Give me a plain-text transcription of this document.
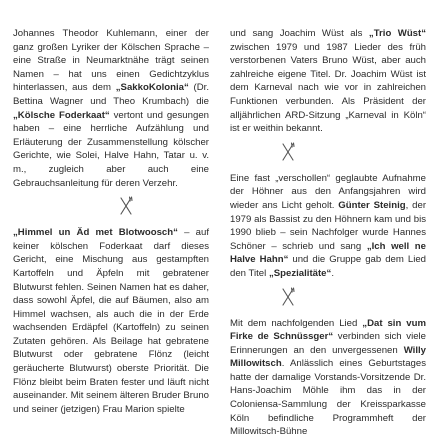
Johannes Theodor Kuhlemann, einer der ganz großen Lyriker der Kölschen Sprache – eine Straße in Neumarktnähe trägt seinen Namen – hat uns einen Gedichtzyklus hinterlassen, aus dem „SakkoKolonia“ (Dr. Bettina Wagner und Theo Krumbach) die „Kölsche Foderkaat“ vertont und gesungen haben – eine herrliche Aufzählung und Erläuterung der Zusammenstellung kölscher Gerichte, wie Solei, Halve Hahn, Tatar u. v. m., zugleich aber auch eine Gebrauchsanleitung für deren Verzehr.

„Himmel un Äd met Blotwoosch“ – auf keiner kölschen Foderkaat darf dieses Gericht, eine Mischung aus gestampften Kartoffeln und Äpfeln mit gebratener Blutwurst fehlen. Seinen Namen hat es daher, dass sowohl Äpfel, die auf Bäumen, also am Himmel wachsen, als auch die in der Erde wachsenden Erdäpfel (Kartoffeln) zu seinen Zutaten gehören. Als Beilage hat gebratene Blutwurst oder gebratene Flönz (leicht geräucherte Blutwurst) oberste Priorität. Die Flönz bleibt beim Braten fester und läuft nicht auseinander. Mit seinem älteren Bruder Bruno und seiner (jetzigen) Frau Marion spielte

und sang Joachim Wüst als „Trio Wüst“ zwischen 1979 und 1987 Lieder des früh verstorbenen Vaters Bruno Wüst, aber auch zahlreiche eigene Titel. Dr. Joachim Wüst ist dem Karneval nach wie vor in zahlreichen Funktionen verbunden. Als Präsident der alljährlichen ARD-Sitzung „Karneval in Köln“ ist er weithin bekannt.

Eine fast „verschollen“ geglaubte Aufnahme der Höhner aus den Anfangsjahren wird wieder ans Licht geholt. Günter Steinig, der 1979 als Bassist zu den Höhnern kam und bis 1990 blieb – sein Nachfolger wurde Hannes Schöner – schrieb und sang „Ich well ne Halve Hahn“ und die Gruppe gab dem Lied den Titel „Spezialitäte“.

Mit dem nachfolgenden Lied „Dat sin vum Firke de Schnüssger“ verbinden sich viele Erinnerungen an den unvergessenen Willy Millowitsch. Anlässlich eines Geburtstages hatte der damalige Vorstands-Vorsitzende Dr. Hans-Joachim Möhle ihm das in der Coloniensa-Sammlung der Kreissparkasse Köln befindliche Programmheft der Millowitsch-Bühne
